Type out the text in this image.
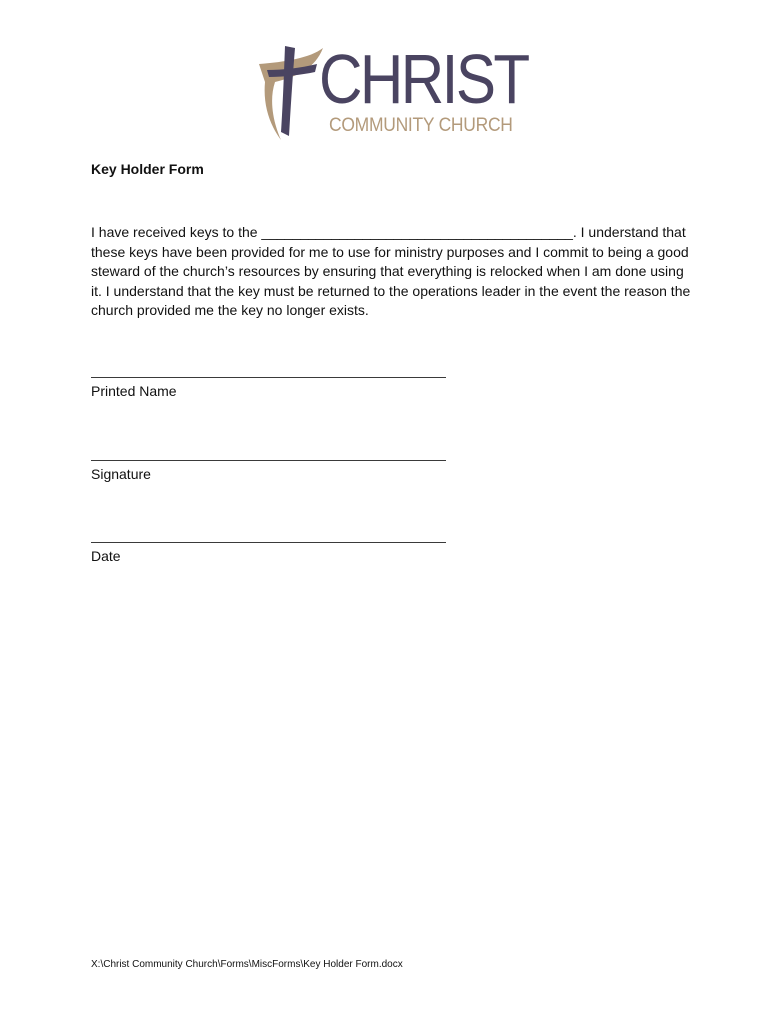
CHRIST
COMMUNITY CHURCH
Key Holder Form

I have received keys to the ________________________________________. I understand that these keys have been provided for me to use for ministry purposes and I commit to being a good steward of the church’s resources by ensuring that everything is relocked when I am done using it. I understand that the key must be returned to the operations leader in the event the reason the church provided me the key no longer exists.

Printed Name
Signature
Date
X:\Christ Community Church\Forms\MiscForms\Key Holder Form.docx
